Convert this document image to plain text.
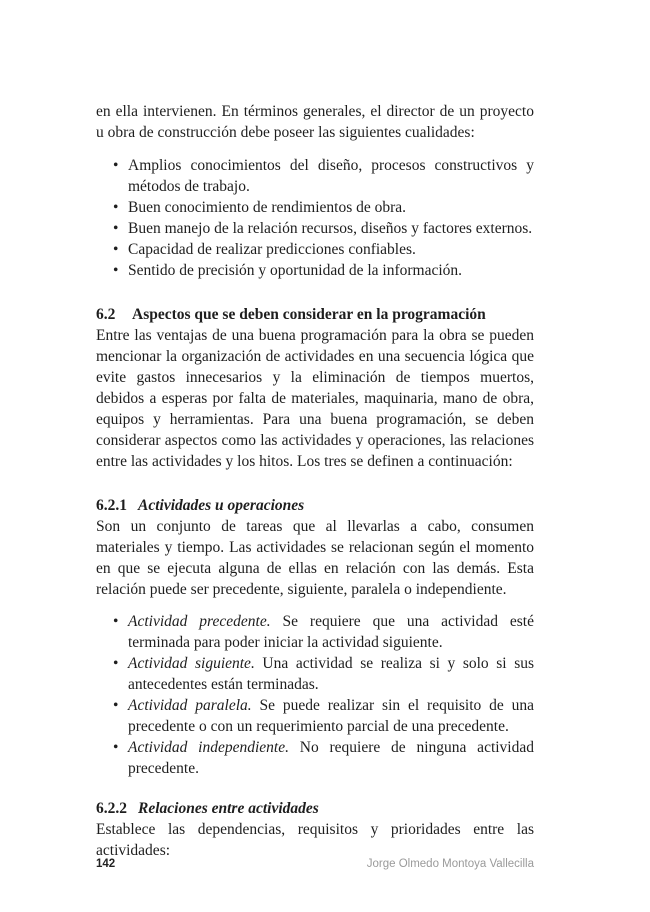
en ella intervienen. En términos generales, el director de un proyecto u obra de construcción debe poseer las siguientes cualidades:

• Amplios conocimientos del diseño, procesos constructivos y métodos de trabajo.
• Buen conocimiento de rendimientos de obra.
• Buen manejo de la relación recursos, diseños y factores externos.
• Capacidad de realizar predicciones confiables.
• Sentido de precisión y oportunidad de la información.
6.2 Aspectos que se deben considerar en la programación

Entre las ventajas de una buena programación para la obra se pueden mencionar la organización de actividades en una secuencia lógica que evite gastos innecesarios y la eliminación de tiempos muertos, debidos a esperas por falta de materiales, maquinaria, mano de obra, equipos y herramientas. Para una buena programación, se deben considerar aspectos como las actividades y operaciones, las relaciones entre las actividades y los hitos. Los tres se definen a continuación:

6.2.1 Actividades u operaciones

Son un conjunto de tareas que al llevarlas a cabo, consumen materiales y tiempo. Las actividades se relacionan según el momento en que se ejecuta alguna de ellas en relación con las demás. Esta relación puede ser precedente, siguiente, paralela o independiente.

• Actividad precedente. Se requiere que una actividad esté terminada para poder iniciar la actividad siguiente.
• Actividad siguiente. Una actividad se realiza si y solo si sus antecedentes están terminadas.
• Actividad paralela. Se puede realizar sin el requisito de una precedente o con un requerimiento parcial de una precedente.
• Actividad independiente. No requiere de ninguna actividad precedente.
6.2.2 Relaciones entre actividades

Establece las dependencias, requisitos y prioridades entre las actividades:

142	Jorge Olmedo Montoya Vallecilla
